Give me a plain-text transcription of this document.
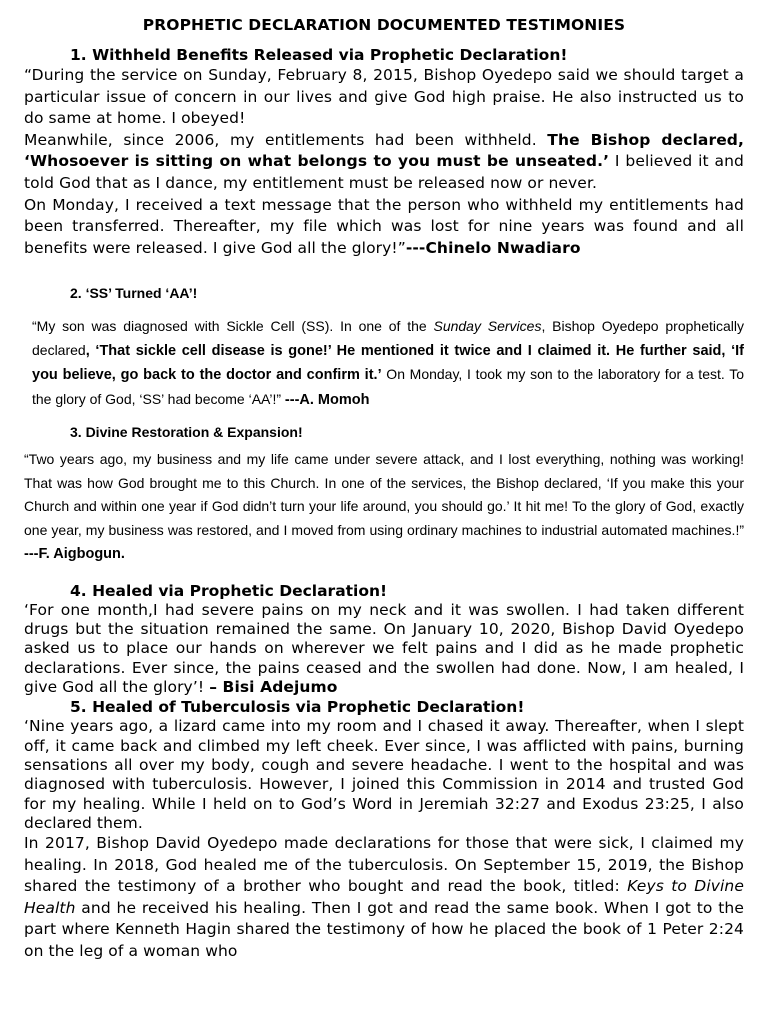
PROPHETIC DECLARATION DOCUMENTED TESTIMONIES
1. Withheld Benefits Released via Prophetic Declaration!

“During the service on Sunday, February 8, 2015, Bishop Oyedepo said we should target a particular issue of concern in our lives and give God high praise. He also instructed us to do same at home. I obeyed!

Meanwhile, since 2006, my entitlements had been withheld. The Bishop declared, ‘Whosoever is sitting on what belongs to you must be unseated.’ I believed it and told God that as I dance, my entitlement must be released now or never.

On Monday, I received a text message that the person who withheld my entitlements had been transferred. Thereafter, my file which was lost for nine years was found and all benefits were released. I give God all the glory!”---Chinelo Nwadiaro

2. ‘SS’ Turned ‘AA’!

“My son was diagnosed with Sickle Cell (SS). In one of the Sunday Services, Bishop Oyedepo prophetically declared, ‘That sickle cell disease is gone!’ He mentioned it twice and I claimed it. He further said, ‘If you believe, go back to the doctor and confirm it.’ On Monday, I took my son to the laboratory for a test. To the glory of God, ‘SS’ had become ‘AA’!” ---A. Momoh

3. Divine Restoration & Expansion!

“Two years ago, my business and my life came under severe attack, and I lost everything, nothing was working! That was how God brought me to this Church. In one of the services, the Bishop declared, ‘If you make this your Church and within one year if God didn’t turn your life around, you should go.’ It hit me! To the glory of God, exactly one year, my business was restored, and I moved from using ordinary machines to industrial automated machines.!” ---F. Aigbogun.

4. Healed via Prophetic Declaration!

‘For one month,I had severe pains on my neck and it was swollen. I had taken different drugs but the situation remained the same. On January 10, 2020, Bishop David Oyedepo asked us to place our hands on wherever we felt pains and I did as he made prophetic declarations. Ever since, the pains ceased and the swollen had done. Now, I am healed, I give God all the glory’! – Bisi Adejumo

5. Healed of Tuberculosis via Prophetic Declaration!

‘Nine years ago, a lizard came into my room and I chased it away. Thereafter, when I slept off, it came back and climbed my left cheek. Ever since, I was afflicted with pains, burning sensations all over my body, cough and severe headache. I went to the hospital and was diagnosed with tuberculosis. However, I joined this Commission in 2014 and trusted God for my healing. While I held on to God’s Word in Jeremiah 32:27 and Exodus 23:25, I also declared them.

In 2017, Bishop David Oyedepo made declarations for those that were sick, I claimed my healing. In 2018, God healed me of the tuberculosis. On September 15, 2019, the Bishop shared the testimony of a brother who bought and read the book, titled: Keys to Divine Health and he received his healing. Then I got and read the same book. When I got to the part where Kenneth Hagin shared the testimony of how he placed the book of 1 Peter 2:24 on the leg of a woman who
